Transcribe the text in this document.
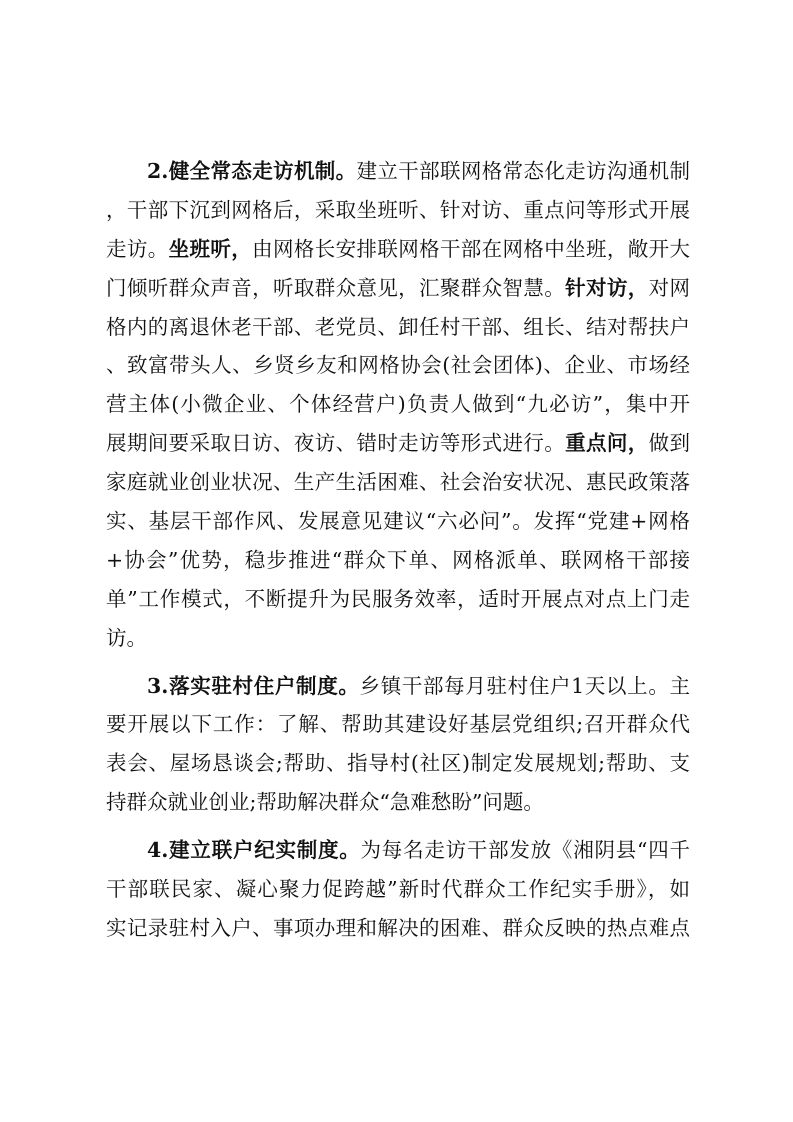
2.健全常态走访机制。建立干部联网格常态化走访沟通机制
，干部下沉到网格后，采取坐班听、针对访、重点问等形式开展
走访。坐班听，由网格长安排联网格干部在网格中坐班，敞开大
门倾听群众声音，听取群众意见，汇聚群众智慧。针对访，对网
格内的离退休老干部、老党员、卸任村干部、组长、结对帮扶户
、致富带头人、乡贤乡友和网格协会(社会团体)、企业、市场经
营主体(小微企业、个体经营户)负责人做到“九必访”，集中开
展期间要采取日访、夜访、错时走访等形式进行。重点问，做到
家庭就业创业状况、生产生活困难、社会治安状况、惠民政策落
实、基层干部作风、发展意见建议“六必问”。发挥“党建+网格
+协会”优势，稳步推进“群众下单、网格派单、联网格干部接
单”工作模式，不断提升为民服务效率，适时开展点对点上门走
访。
3.落实驻村住户制度。乡镇干部每月驻村住户1天以上。主
要开展以下工作：了解、帮助其建设好基层党组织;召开群众代
表会、屋场恳谈会;帮助、指导村(社区)制定发展规划;帮助、支
持群众就业创业;帮助解决群众“急难愁盼”问题。
4.建立联户纪实制度。为每名走访干部发放《湘阴县“四千
干部联民家、凝心聚力促跨越”新时代群众工作纪实手册》，如
实记录驻村入户、事项办理和解决的困难、群众反映的热点难点
